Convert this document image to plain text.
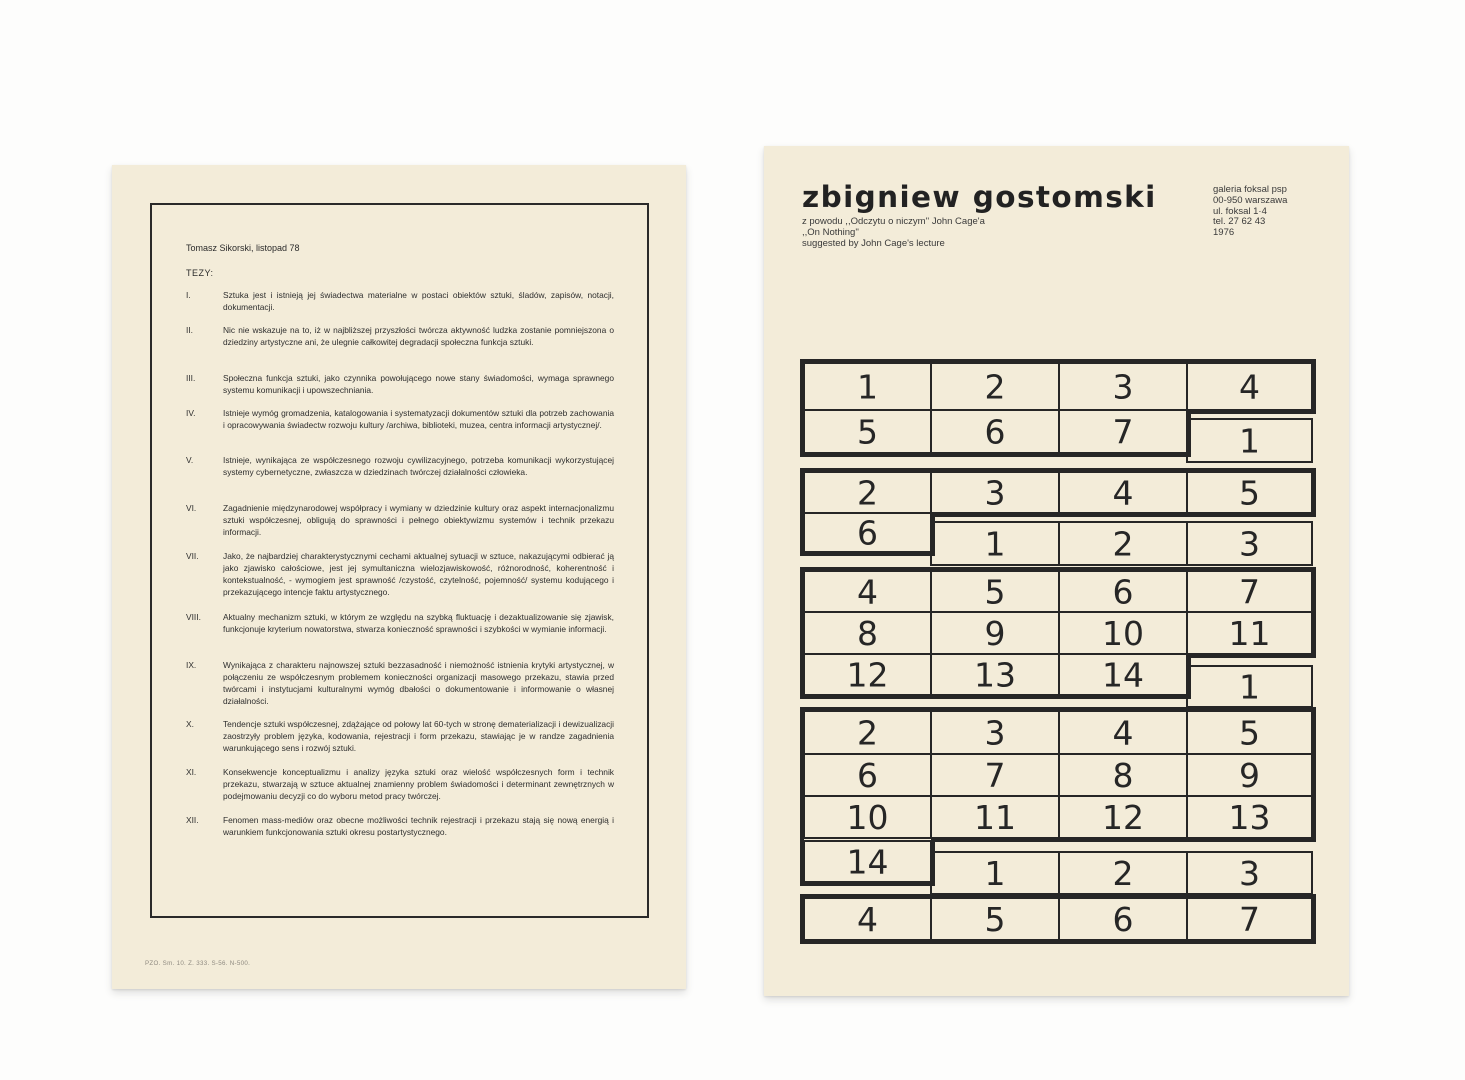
Tomasz Sikorski, listopad 78
TEZY:
I.	Sztuka jest i istnieją jej świadectwa materialne w postaci obiektów sztuki, śladów, zapisów, notacji, dokumentacji.
II.	Nic nie wskazuje na to, iż w najbliższej przyszłości twórcza aktywność ludzka zostanie pomniejszona o dziedziny artystyczne ani, że ulegnie całkowitej degradacji społeczna funkcja sztuki.
III.	Społeczna funkcja sztuki, jako czynnika powołującego nowe stany świadomości, wymaga sprawnego systemu komunikacji i upowszechniania.
IV.	Istnieje wymóg gromadzenia, katalogowania i systematyzacji dokumentów sztuki dla potrzeb zachowania i opracowywania świadectw rozwoju kultury /archiwa, biblioteki, muzea, centra informacji artystycznej/.
V.	Istnieje, wynikająca ze współczesnego rozwoju cywilizacyjnego, potrzeba komunikacji wykorzystującej systemy cybernetyczne, zwłaszcza w dziedzinach twórczej działalności człowieka.
VI.	Zagadnienie międzynarodowej współpracy i wymiany w dziedzinie kultury oraz aspekt internacjonalizmu sztuki współczesnej, obligują do sprawności i pełnego obiektywizmu systemów i technik przekazu informacji.
VII.	Jako, że najbardziej charakterystycznymi cechami aktualnej sytuacji w sztuce, nakazującymi odbierać ją jako zjawisko całościowe, jest jej symultaniczna wielozjawiskowość, różnorodność, koherentność i kontekstualność, - wymogiem jest sprawność /czystość, czytelność, pojemność/ systemu kodującego i przekazującego intencje faktu artystycznego.
VIII.	Aktualny mechanizm sztuki, w którym ze względu na szybką fluktuację i dezaktualizowanie się zjawisk, funkcjonuje kryterium nowatorstwa, stwarza konieczność sprawności i szybkości w wymianie informacji.
IX.	Wynikająca z charakteru najnowszej sztuki bezzasadność i niemożność istnienia krytyki artystycznej, w połączeniu ze współczesnym problemem konieczności organizacji masowego przekazu, stawia przed twórcami i instytucjami kulturalnymi wymóg dbałości o dokumentowanie i informowanie o własnej działalności.
X.	Tendencje sztuki współczesnej, zdążające od połowy lat 60-tych w stronę dematerializacji i dewizualizacji zaostrzyły problem języka, kodowania, rejestracji i form przekazu, stawiając je w randze zagadnienia warunkującego sens i rozwój sztuki.
XI.	Konsekwencje konceptualizmu i analizy języka sztuki oraz wielość współczesnych form i technik przekazu, stwarzają w sztuce aktualnej znamienny problem świadomości i determinant zewnętrznych w podejmowaniu decyzji co do wyboru metod pracy twórczej.
XII.	Fenomen mass-mediów oraz obecne możliwości technik rejestracji i przekazu stają się nową energią i warunkiem funkcjonowania sztuki okresu postartystycznego.
PZO. Sm. 10. Z. 333. S-56. N-500.
zbigniew gostomski
z powodu ,,Odczytu o niczym'' John Cage'a
,,On Nothing''
suggested by John Cage's lecture
galeria foksal psp
00-950 warszawa
ul. foksal 1·4
tel. 27 62 43
1976
1	2	3	4
5	6	7	1
2	3	4	5
6	1	2	3
4	5	6	7
8	9	10	11
12	13	14	1
2	3	4	5
6	7	8	9
10	11	12	13
14	1	2	3
4	5	6	7
